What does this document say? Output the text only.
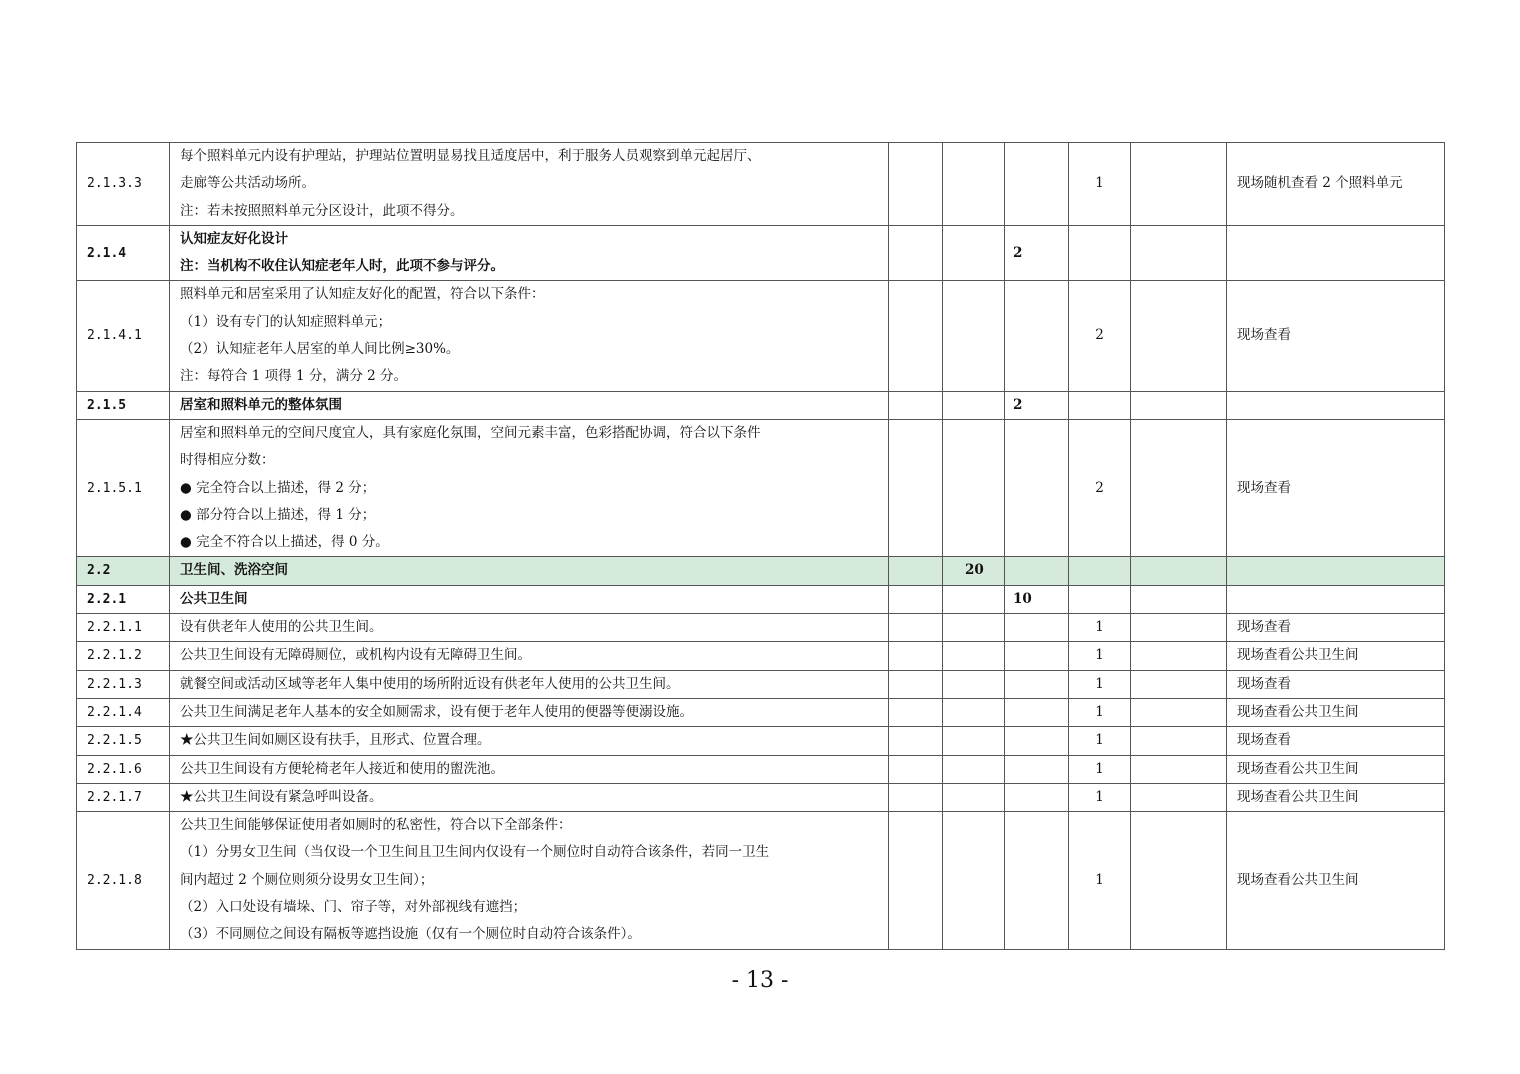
2.1.3.3	每个照料单元内设有护理站，护理站位置明显易找且适度居中，利于服务人员观察到单元起居厅、
走廊等公共活动场所。
注：若未按照照料单元分区设计，此项不得分。				1		现场随机查看 2 个照料单元
2.1.4	认知症友好化设计
注：当机构不收住认知症老年人时，此项不参与评分。			2			
2.1.4.1	照料单元和居室采用了认知症友好化的配置，符合以下条件：
（1）设有专门的认知症照料单元；
（2）认知症老年人居室的单人间比例≥30%。
注：每符合 1 项得 1 分，满分 2 分。				2		现场查看
2.1.5	居室和照料单元的整体氛围			2			
2.1.5.1	居室和照料单元的空间尺度宜人，具有家庭化氛围，空间元素丰富，色彩搭配协调，符合以下条件
时得相应分数：
● 完全符合以上描述，得 2 分；
● 部分符合以上描述，得 1 分；
● 完全不符合以上描述，得 0 分。				2		现场查看
2.2	卫生间、洗浴空间		20				
2.2.1	公共卫生间			10			
2.2.1.1	设有供老年人使用的公共卫生间。				1		现场查看
2.2.1.2	公共卫生间设有无障碍厕位，或机构内设有无障碍卫生间。				1		现场查看公共卫生间
2.2.1.3	就餐空间或活动区域等老年人集中使用的场所附近设有供老年人使用的公共卫生间。				1		现场查看
2.2.1.4	公共卫生间满足老年人基本的安全如厕需求，设有便于老年人使用的便器等便溺设施。				1		现场查看公共卫生间
2.2.1.5	★公共卫生间如厕区设有扶手，且形式、位置合理。				1		现场查看
2.2.1.6	公共卫生间设有方便轮椅老年人接近和使用的盥洗池。				1		现场查看公共卫生间
2.2.1.7	★公共卫生间设有紧急呼叫设备。				1		现场查看公共卫生间
2.2.1.8	公共卫生间能够保证使用者如厕时的私密性，符合以下全部条件：
（1）分男女卫生间（当仅设一个卫生间且卫生间内仅设有一个厕位时自动符合该条件，若同一卫生
间内超过 2 个厕位则须分设男女卫生间）；
（2）入口处设有墙垛、门、帘子等，对外部视线有遮挡；
（3）不同厕位之间设有隔板等遮挡设施（仅有一个厕位时自动符合该条件）。				1		现场查看公共卫生间
- 13 -
